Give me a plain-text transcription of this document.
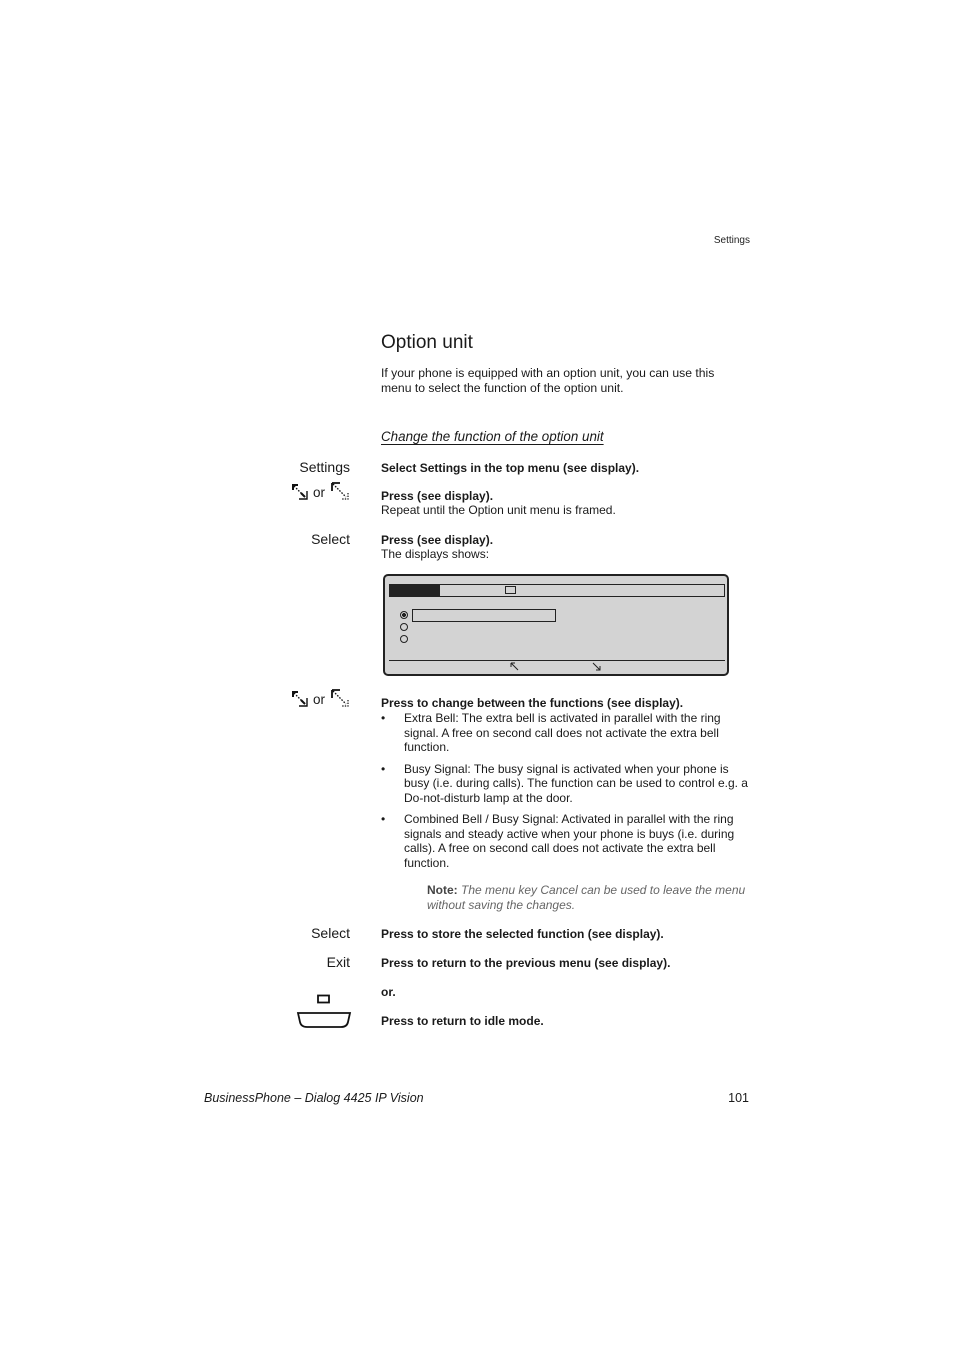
Settings
Option unit
If your phone is equipped with an option unit, you can use this menu to select the function of the option unit.
Change the function of the option unit
Settings	Select Settings in the top menu (see display).
or	Press (see display).
Repeat until the Option unit menu is framed.
Select	Press (see display).
The displays shows:
or	Press to change between the functions (see display).
• Extra Bell: The extra bell is activated in parallel with the ring signal. A free on second call does not activate the extra bell function.
• Busy Signal: The busy signal is activated when your phone is busy (i.e. during calls). The function can be used to control e.g. a Do-not-disturb lamp at the door.
• Combined Bell / Busy Signal: Activated in parallel with the ring signals and steady active when your phone is buys (i.e. during calls). A free on second call does not activate the extra bell function.
Note: The menu key Cancel can be used to leave the menu without saving the changes.
Select	Press to store the selected function (see display).
Exit	Press to return to the previous menu (see display).
or.
Press to return to idle mode.
BusinessPhone – Dialog 4425 IP Vision	101
